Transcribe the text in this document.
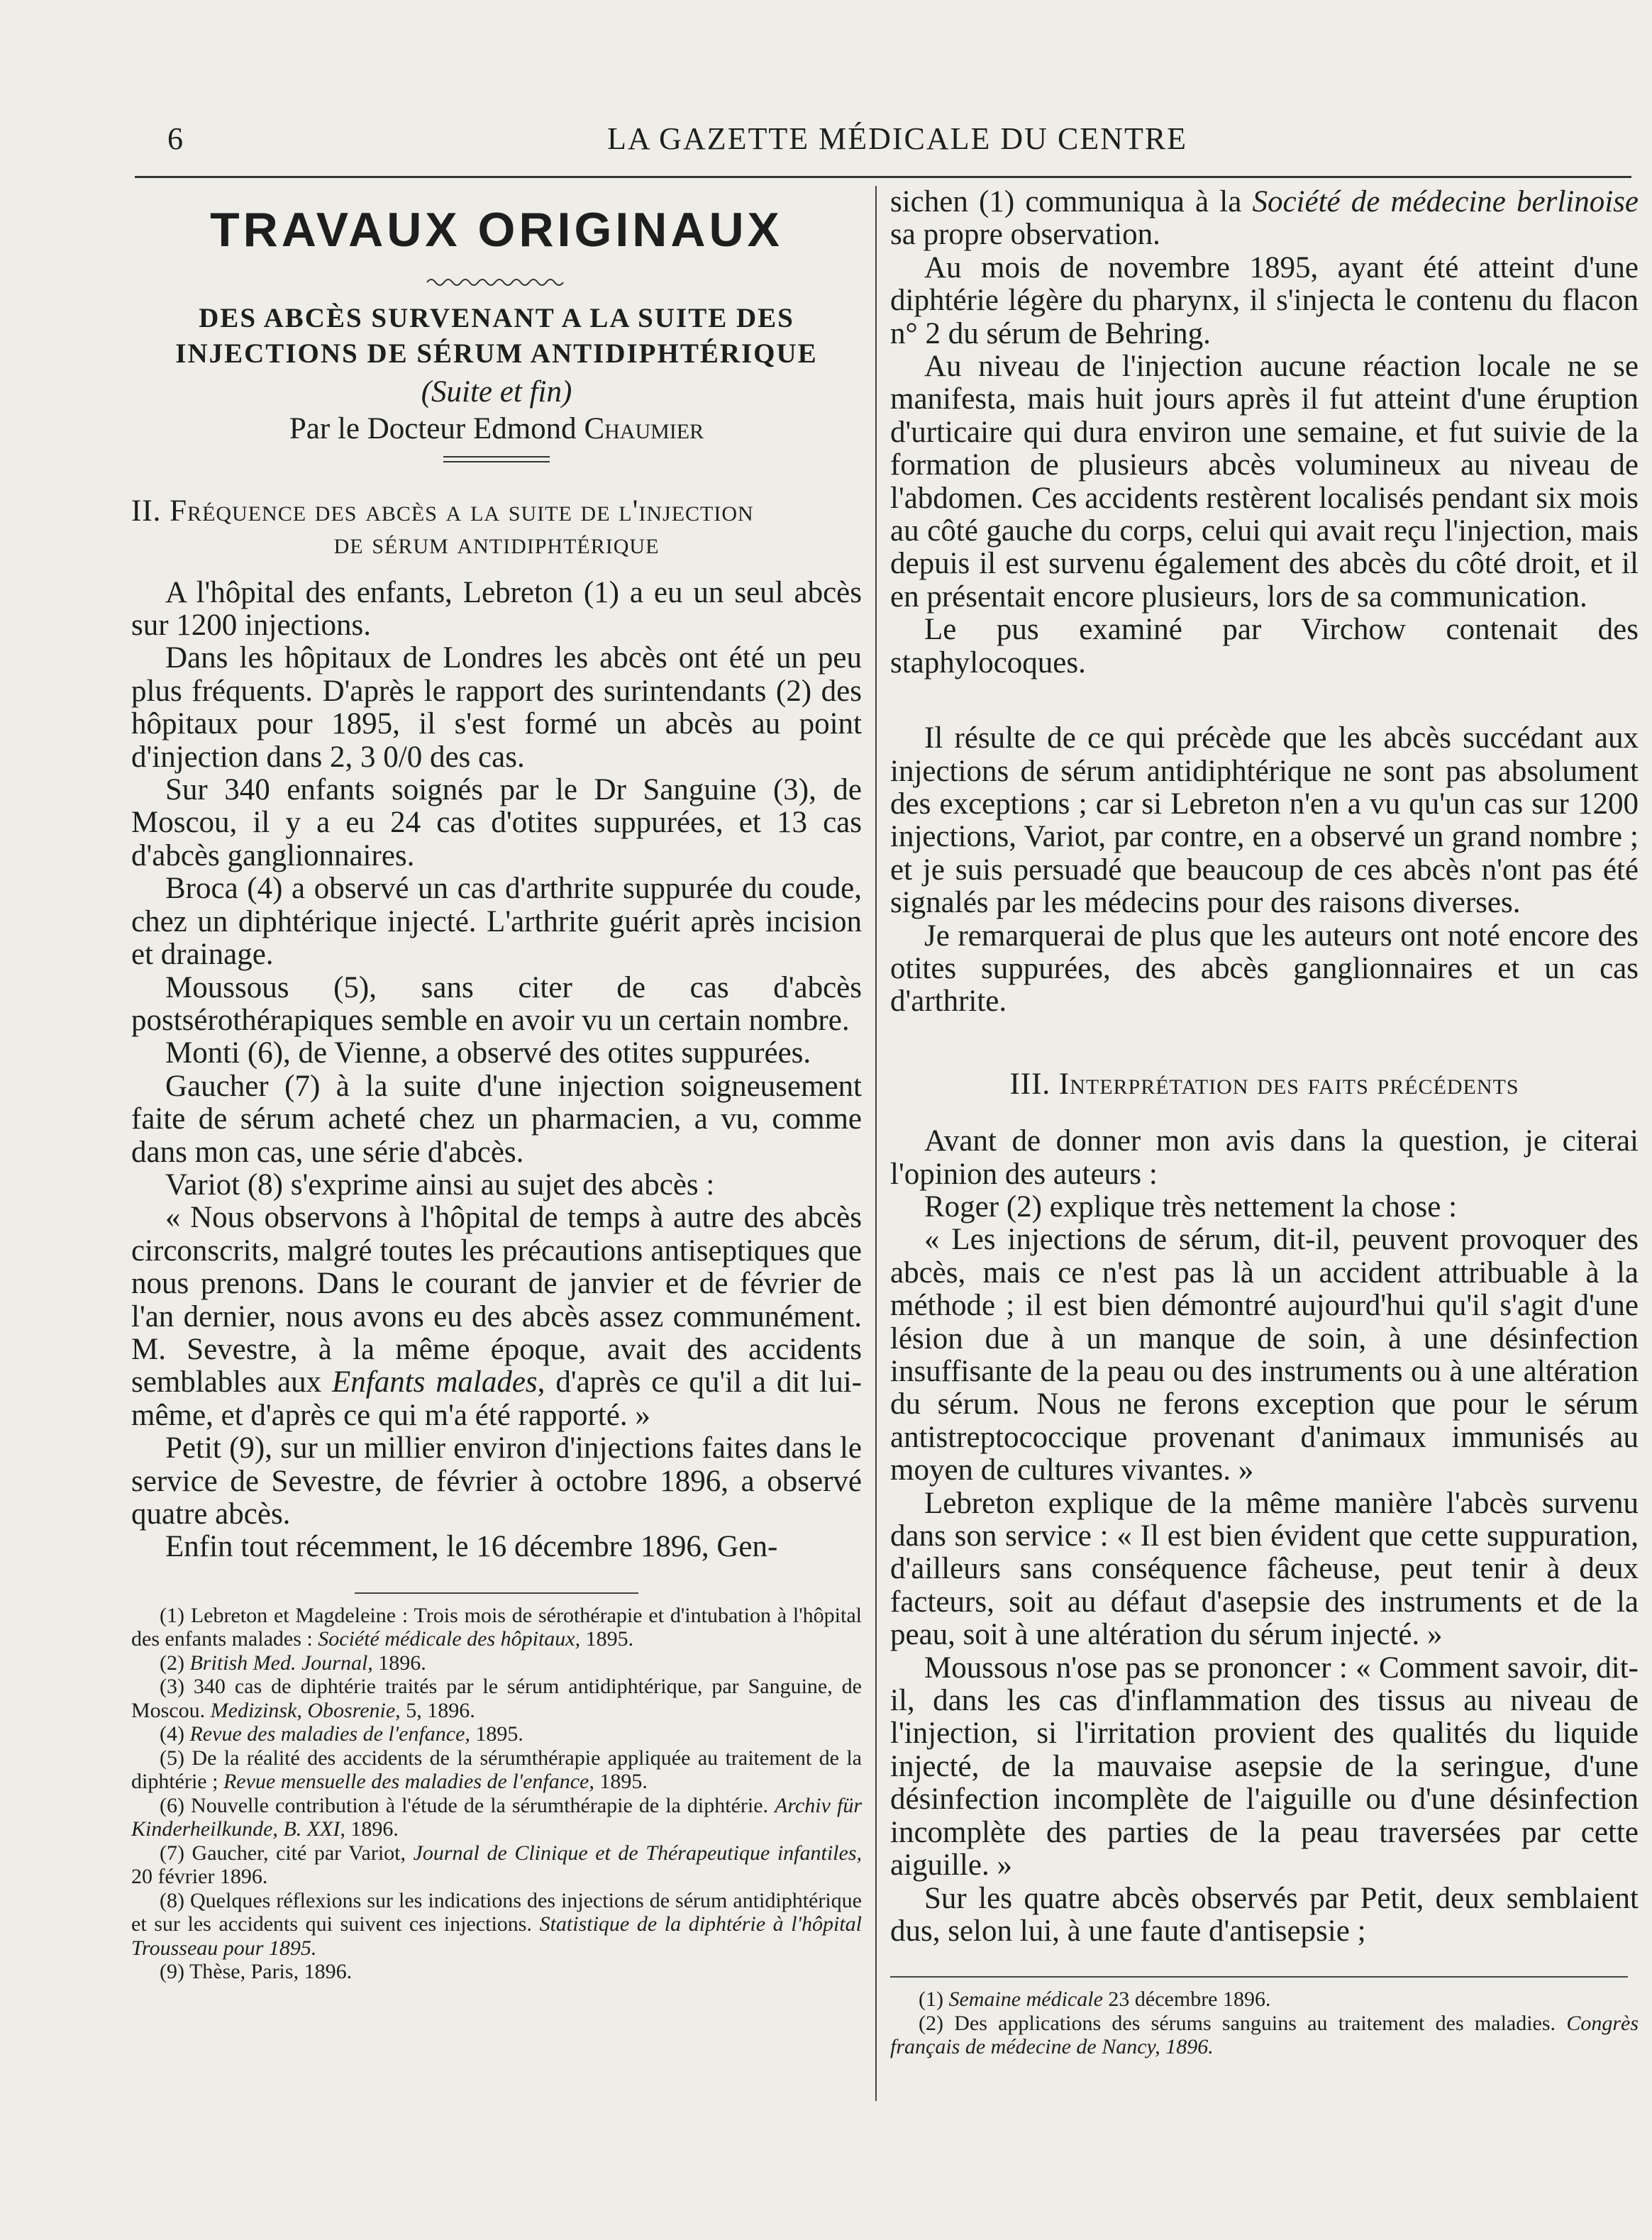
6	LA GAZETTE MÉDICALE DU CENTRE
TRAVAUX ORIGINAUX
DES ABCÈS SURVENANT A LA SUITE DES
INJECTIONS DE SÉRUM ANTIDIPHTÉRIQUE
(Suite et fin)
Par le Docteur Edmond Chaumier
II. Fréquence des abcès a la suite de l'injection
de sérum antidiphtérique

A l'hôpital des enfants, Lebreton (1) a eu un seul abcès sur 1200 injections.

Dans les hôpitaux de Londres les abcès ont été un peu plus fréquents. D'après le rapport des surintendants (2) des hôpitaux pour 1895, il s'est formé un abcès au point d'injection dans 2, 3 0/0 des cas.

Sur 340 enfants soignés par le Dr Sanguine (3), de Moscou, il y a eu 24 cas d'otites suppurées, et 13 cas d'abcès ganglionnaires.

Broca (4) a observé un cas d'arthrite suppurée du coude, chez un diphtérique injecté. L'arthrite guérit après incision et drainage.

Moussous (5), sans citer de cas d'abcès postsérothérapiques semble en avoir vu un certain nombre.

Monti (6), de Vienne, a observé des otites suppurées.

Gaucher (7) à la suite d'une injection soigneusement faite de sérum acheté chez un pharmacien, a vu, comme dans mon cas, une série d'abcès.

Variot (8) s'exprime ainsi au sujet des abcès :

« Nous observons à l'hôpital de temps à autre des abcès circonscrits, malgré toutes les précautions antiseptiques que nous prenons. Dans le courant de janvier et de février de l'an dernier, nous avons eu des abcès assez communément. M. Sevestre, à la même époque, avait des accidents semblables aux Enfants malades, d'après ce qu'il a dit lui-même, et d'après ce qui m'a été rapporté. »

Petit (9), sur un millier environ d'injections faites dans le service de Sevestre, de février à octobre 1896, a observé quatre abcès.

Enfin tout récemment, le 16 décembre 1896, Gen-

(1) Lebreton et Magdeleine : Trois mois de sérothérapie et d'intubation à l'hôpital des enfants malades : Société médicale des hôpitaux, 1895.

(2) British Med. Journal, 1896.

(3) 340 cas de diphtérie traités par le sérum antidiphtérique, par Sanguine, de Moscou. Medizinsk, Obosrenie, 5, 1896.

(4) Revue des maladies de l'enfance, 1895.

(5) De la réalité des accidents de la sérumthérapie appliquée au traitement de la diphtérie ; Revue mensuelle des maladies de l'enfance, 1895.

(6) Nouvelle contribution à l'étude de la sérumthérapie de la diphtérie. Archiv für Kinderheilkunde, B. XXI, 1896.

(7) Gaucher, cité par Variot, Journal de Clinique et de Thérapeutique infantiles, 20 février 1896.

(8) Quelques réflexions sur les indications des injections de sérum antidiphtérique et sur les accidents qui suivent ces injections. Statistique de la diphtérie à l'hôpital Trousseau pour 1895.

(9) Thèse, Paris, 1896.

sichen (1) communiqua à la Société de médecine berlinoise sa propre observation.

Au mois de novembre 1895, ayant été atteint d'une diphtérie légère du pharynx, il s'injecta le contenu du flacon n° 2 du sérum de Behring.

Au niveau de l'injection aucune réaction locale ne se manifesta, mais huit jours après il fut atteint d'une éruption d'urticaire qui dura environ une semaine, et fut suivie de la formation de plusieurs abcès volumineux au niveau de l'abdomen. Ces accidents restèrent localisés pendant six mois au côté gauche du corps, celui qui avait reçu l'injection, mais depuis il est survenu également des abcès du côté droit, et il en présentait encore plusieurs, lors de sa communication.

Le pus examiné par Virchow contenait des staphylocoques.

Il résulte de ce qui précède que les abcès succédant aux injections de sérum antidiphtérique ne sont pas absolument des exceptions ; car si Lebreton n'en a vu qu'un cas sur 1200 injections, Variot, par contre, en a observé un grand nombre ; et je suis persuadé que beaucoup de ces abcès n'ont pas été signalés par les médecins pour des raisons diverses.

Je remarquerai de plus que les auteurs ont noté encore des otites suppurées, des abcès ganglionnaires et un cas d'arthrite.

III. Interprétation des faits précédents

Avant de donner mon avis dans la question, je citerai l'opinion des auteurs :

Roger (2) explique très nettement la chose :

« Les injections de sérum, dit-il, peuvent provoquer des abcès, mais ce n'est pas là un accident attribuable à la méthode ; il est bien démontré aujourd'hui qu'il s'agit d'une lésion due à un manque de soin, à une désinfection insuffisante de la peau ou des instruments ou à une altération du sérum. Nous ne ferons exception que pour le sérum antistreptococcique provenant d'animaux immunisés au moyen de cultures vivantes. »

Lebreton explique de la même manière l'abcès survenu dans son service : « Il est bien évident que cette suppuration, d'ailleurs sans conséquence fâcheuse, peut tenir à deux facteurs, soit au défaut d'asepsie des instruments et de la peau, soit à une altération du sérum injecté. »

Moussous n'ose pas se prononcer : « Comment savoir, dit-il, dans les cas d'inflammation des tissus au niveau de l'injection, si l'irritation provient des qualités du liquide injecté, de la mauvaise asepsie de la seringue, d'une désinfection incomplète de l'aiguille ou d'une désinfection incomplète des parties de la peau traversées par cette aiguille. »

Sur les quatre abcès observés par Petit, deux semblaient dus, selon lui, à une faute d'antisepsie ;

(1) Semaine médicale 23 décembre 1896.

(2) Des applications des sérums sanguins au traitement des maladies. Congrès français de médecine de Nancy, 1896.
